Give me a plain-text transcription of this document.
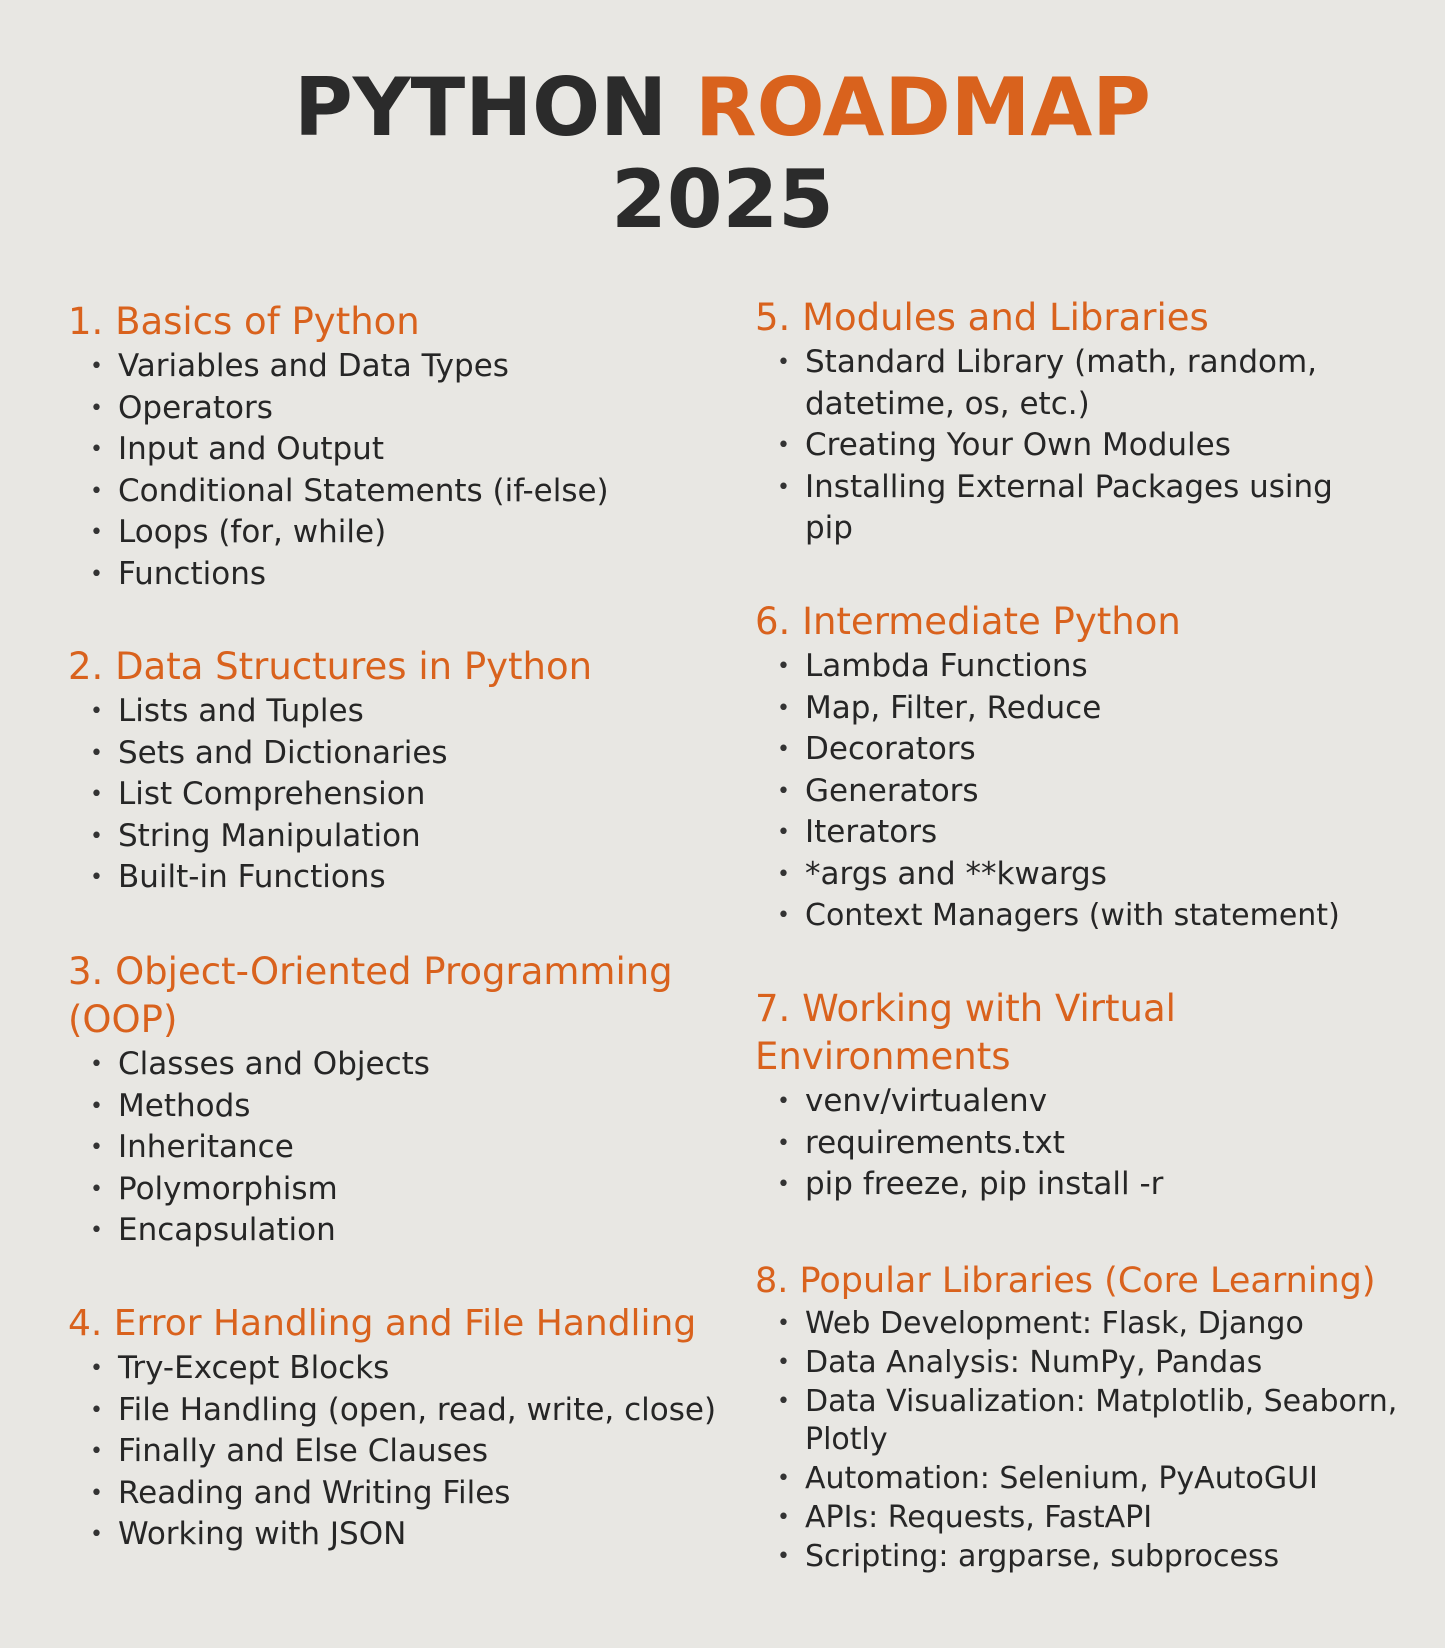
PYTHON ROADMAP
2025
1. Basics of Python
• Variables and Data Types
• Operators
• Input and Output
• Conditional Statements (if-else)
• Loops (for, while)
• Functions
2. Data Structures in Python
• Lists and Tuples
• Sets and Dictionaries
• List Comprehension
• String Manipulation
• Built-in Functions
3. Object-Oriented Programming (OOP)
• Classes and Objects
• Methods
• Inheritance
• Polymorphism
• Encapsulation
4. Error Handling and File Handling
• Try-Except Blocks
• File Handling (open, read, write, close)
• Finally and Else Clauses
• Reading and Writing Files
• Working with JSON
5. Modules and Libraries
• Standard Library (math, random, datetime, os, etc.)
• Creating Your Own Modules
• Installing External Packages using pip
6. Intermediate Python
• Lambda Functions
• Map, Filter, Reduce
• Decorators
• Generators
• Iterators
• *args and **kwargs
• Context Managers (with statement)
7. Working with Virtual Environments
• venv/virtualenv
• requirements.txt
• pip freeze, pip install -r
8. Popular Libraries (Core Learning)
• Web Development: Flask, Django
• Data Analysis: NumPy, Pandas
• Data Visualization: Matplotlib, Seaborn, Plotly
• Automation: Selenium, PyAutoGUI
• APIs: Requests, FastAPI
• Scripting: argparse, subprocess
